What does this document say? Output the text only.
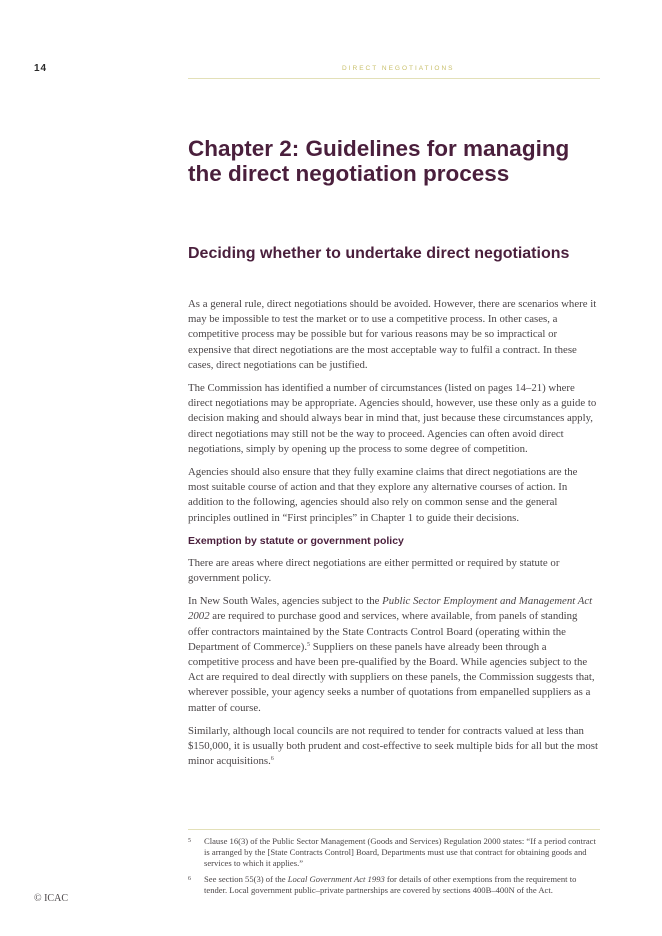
14	DIRECT NEGOTIATIONS
Chapter 2: Guidelines for managing the direct negotiation process
Deciding whether to undertake direct negotiations

As a general rule, direct negotiations should be avoided. However, there are scenarios where it may be impossible to test the market or to use a competitive process. In other cases, a competitive process may be possible but for various reasons may be so impractical or expensive that direct negotiations are the most acceptable way to fulfil a contract. In these cases, direct negotiations can be justified.

The Commission has identified a number of circumstances (listed on pages 14–21) where direct negotiations may be appropriate. Agencies should, however, use these only as a guide to decision making and should always bear in mind that, just because these circumstances apply, direct negotiations may still not be the way to proceed. Agencies can often avoid direct negotiations, simply by opening up the process to some degree of competition.

Agencies should also ensure that they fully examine claims that direct negotiations are the most suitable course of action and that they explore any alternative courses of action. In addition to the following, agencies should also rely on common sense and the general principles outlined in “First principles” in Chapter 1 to guide their decisions.

Exemption by statute or government policy

There are areas where direct negotiations are either permitted or required by statute or government policy.

In New South Wales, agencies subject to the Public Sector Employment and Management Act 2002 are required to purchase good and services, where available, from panels of standing offer contractors maintained by the State Contracts Control Board (operating within the Department of Commerce).$^5$ Suppliers on these panels have already been through a competitive process and have been pre-qualified by the Board. While agencies subject to the Act are required to deal directly with suppliers on these panels, the Commission suggests that, wherever possible, your agency seeks a number of quotations from empanelled suppliers as a matter of course.

Similarly, although local councils are not required to tender for contracts valued at less than $150,000, it is usually both prudent and cost-effective to seek multiple bids for all but the most minor acquisitions.$^6$

5	Clause 16(3) of the Public Sector Management (Goods and Services) Regulation 2000 states: “If a period contract is arranged by the [State Contracts Control] Board, Departments must use that contract for obtaining goods and services to which it applies.”
6	See section 55(3) of the Local Government Act 1993 for details of other exemptions from the requirement to tender. Local government public–private partnerships are covered by sections 400B–400N of the Act.
© ICAC
